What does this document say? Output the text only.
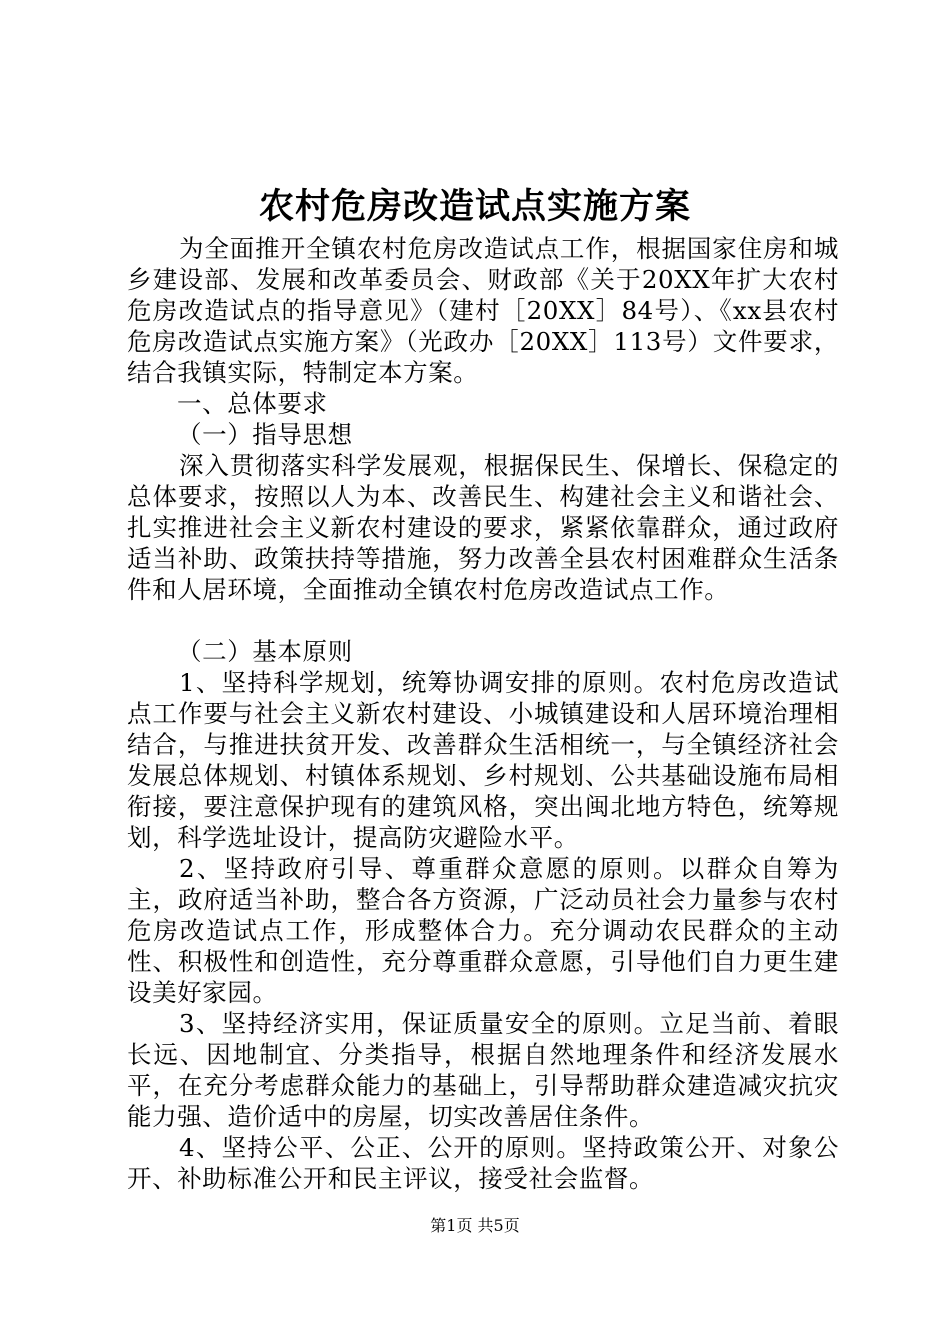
农村危房改造试点实施方案

为全面推开全镇农村危房改造试点工作，根据国家住房和城乡建设部、发展和改革委员会、财政部《关于20XX年扩大农村危房改造试点的指导意见》（建村［20XX］84号）、《xx县农村危房改造试点实施方案》（光政办［20XX］113号）文件要求，结合我镇实际，特制定本方案。

一、总体要求

（一）指导思想

深入贯彻落实科学发展观，根据保民生、保增长、保稳定的总体要求，按照以人为本、改善民生、构建社会主义和谐社会、扎实推进社会主义新农村建设的要求，紧紧依靠群众，通过政府适当补助、政策扶持等措施，努力改善全县农村困难群众生活条件和人居环境，全面推动全镇农村危房改造试点工作。

（二）基本原则

1、坚持科学规划，统筹协调安排的原则。农村危房改造试点工作要与社会主义新农村建设、小城镇建设和人居环境治理相结合，与推进扶贫开发、改善群众生活相统一，与全镇经济社会发展总体规划、村镇体系规划、乡村规划、公共基础设施布局相衔接，要注意保护现有的建筑风格，突出闽北地方特色，统筹规划，科学选址设计，提高防灾避险水平。

2、坚持政府引导、尊重群众意愿的原则。以群众自筹为主，政府适当补助，整合各方资源，广泛动员社会力量参与农村危房改造试点工作，形成整体合力。充分调动农民群众的主动性、积极性和创造性，充分尊重群众意愿，引导他们自力更生建设美好家园。

3、坚持经济实用，保证质量安全的原则。立足当前、着眼长远、因地制宜、分类指导，根据自然地理条件和经济发展水平，在充分考虑群众能力的基础上，引导帮助群众建造减灾抗灾能力强、造价适中的房屋，切实改善居住条件。

4、坚持公平、公正、公开的原则。坚持政策公开、对象公开、补助标准公开和民主评议，接受社会监督。

第1页 共5页
